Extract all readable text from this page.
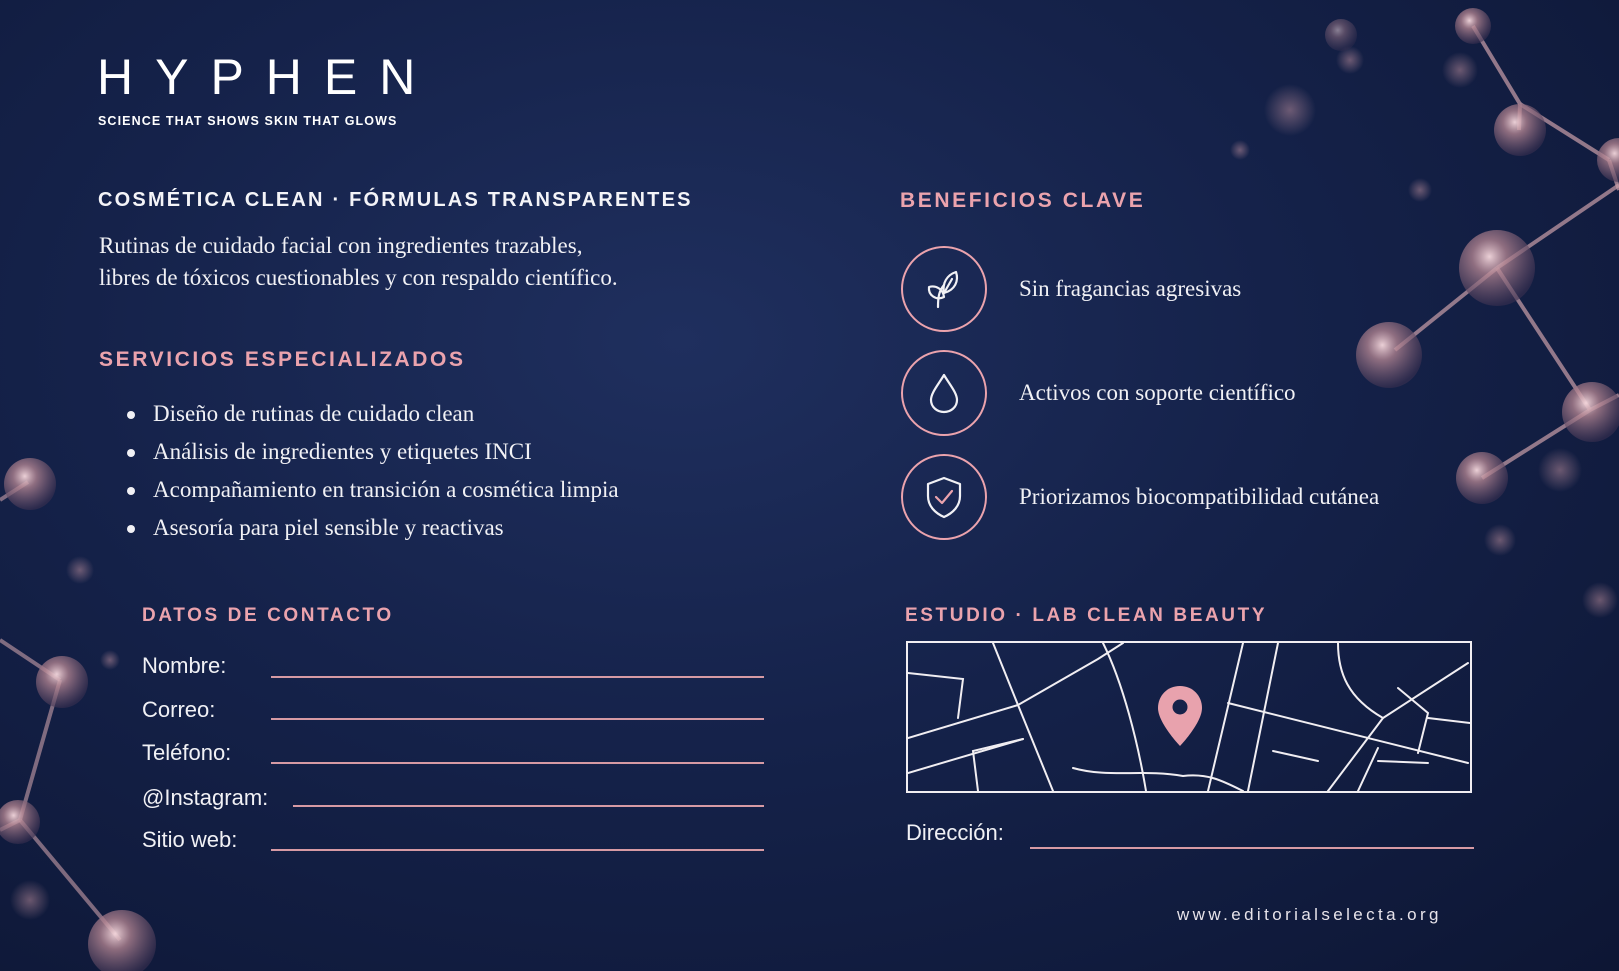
HYPHEN
SCIENCE THAT SHOWS SKIN THAT GLOWS
COSMÉTICA CLEAN · FÓRMULAS TRANSPARENTES
Rutinas de cuidado facial con ingredientes trazables,
libres de tóxicos cuestionables y con respaldo científico.
SERVICIOS ESPECIALIZADOS
Diseño de rutinas de cuidado clean
Análisis de ingredientes y etiquetes INCI
Acompañamiento en transición a cosmética limpia
Asesoría para piel sensible y reactivas
BENEFICIOS CLAVE
Sin fragancias agresivas
Activos con soporte científico
Priorizamos biocompatibilidad cutánea
DATOS DE CONTACTO
Nombre:
Correo:
Teléfono:
@Instagram:
Sitio web:
ESTUDIO · LAB CLEAN BEAUTY
Dirección:
www.editorialselecta.org
